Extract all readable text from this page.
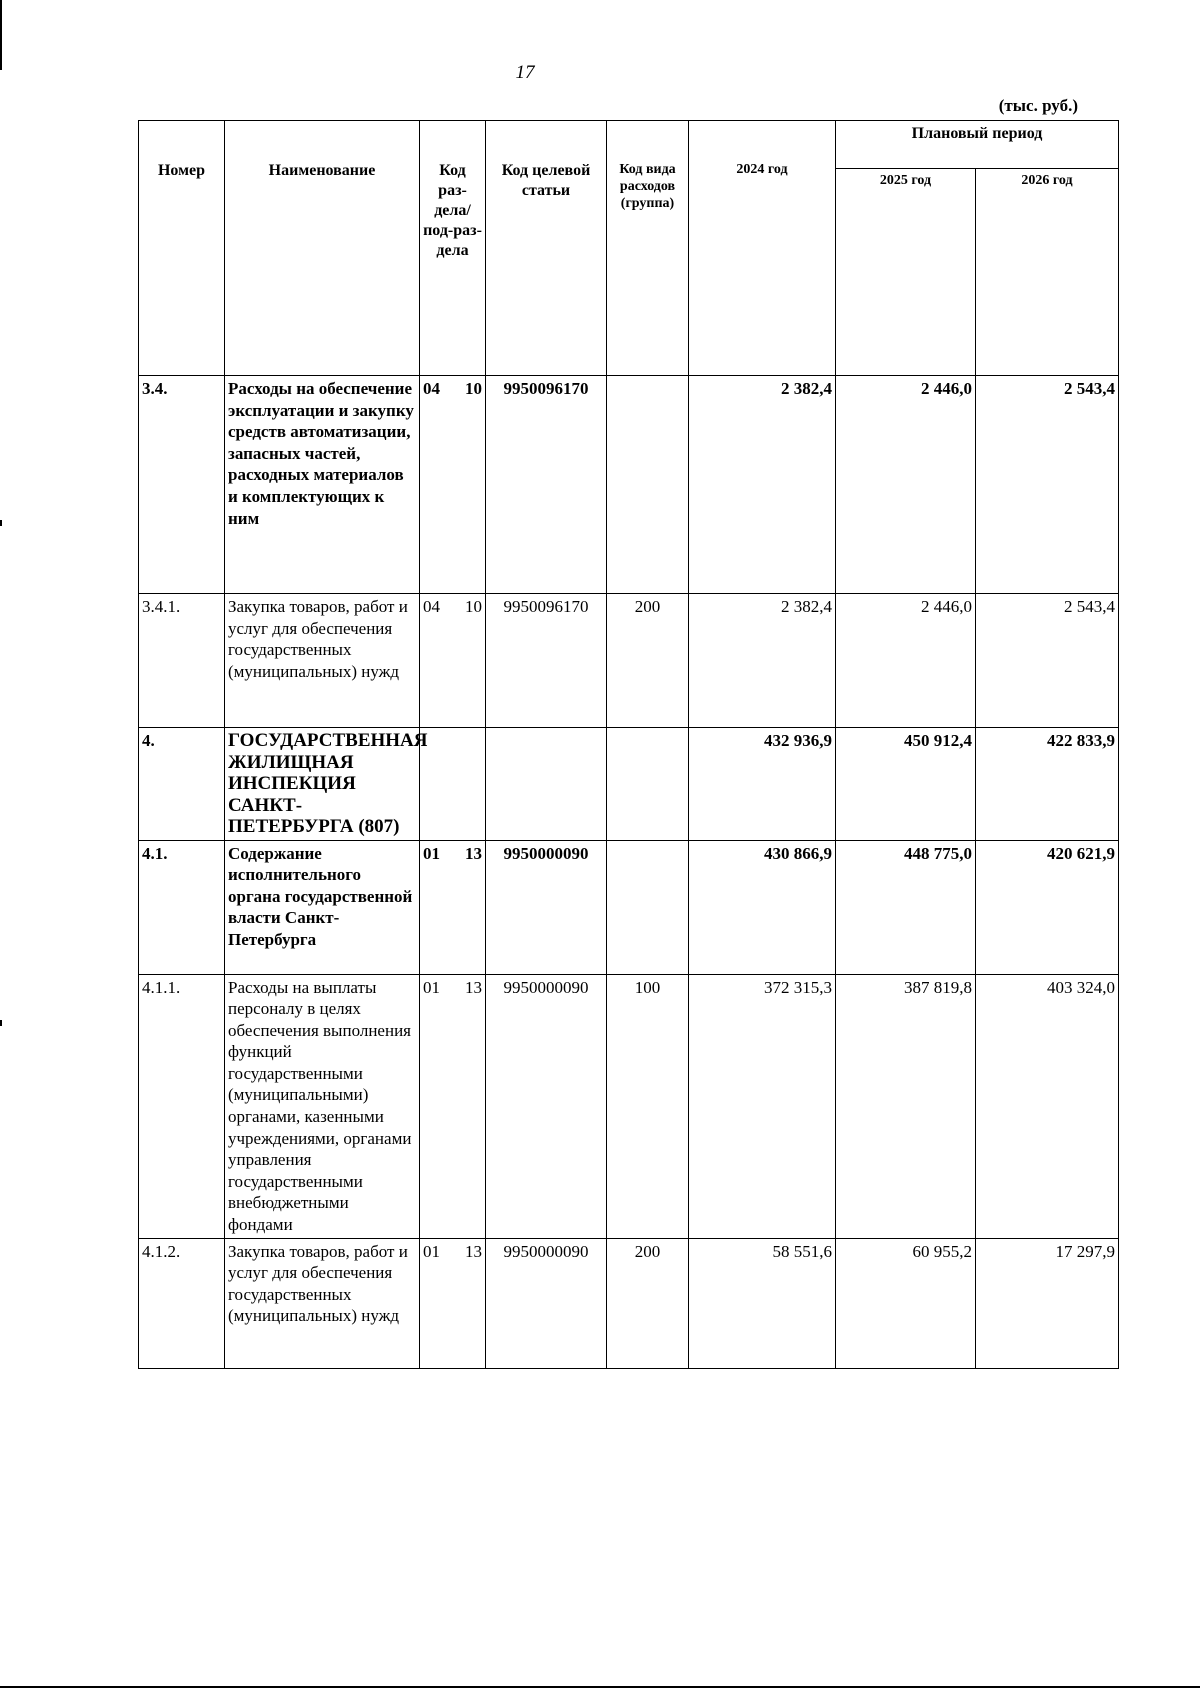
17
(тыс. руб.)
Номер	Наименование	Код раз-дела/ под-раз-дела	Код целевой статьи	Код вида расходов (группа)	2024 год	Плановый период	
						2025 год	2026 год
3.4.	Расходы на обеспечение эксплуатации и закупку средств автоматизации, запасных частей, расходных материалов и комплектующих к ним	04 10	9950096170		2 382,4	2 446,0	2 543,4
3.4.1.	Закупка товаров, работ и услуг для обеспечения государственных (муниципальных) нужд	04 10	9950096170	200	2 382,4	2 446,0	2 543,4
4.	ГОСУДАРСТВЕННАЯ ЖИЛИЩНАЯ ИНСПЕКЦИЯ САНКТ-ПЕТЕРБУРГА (807)				432 936,9	450 912,4	422 833,9
4.1.	Содержание исполнительного органа государственной власти Санкт-Петербурга	01 13	9950000090		430 866,9	448 775,0	420 621,9
4.1.1.	Расходы на выплаты персоналу в целях обеспечения выполнения функций государственными (муниципальными) органами, казенными учреждениями, органами управления государственными внебюджетными фондами	01 13	9950000090	100	372 315,3	387 819,8	403 324,0
4.1.2.	Закупка товаров, работ и услуг для обеспечения государственных (муниципальных) нужд	01 13	9950000090	200	58 551,6	60 955,2	17 297,9
